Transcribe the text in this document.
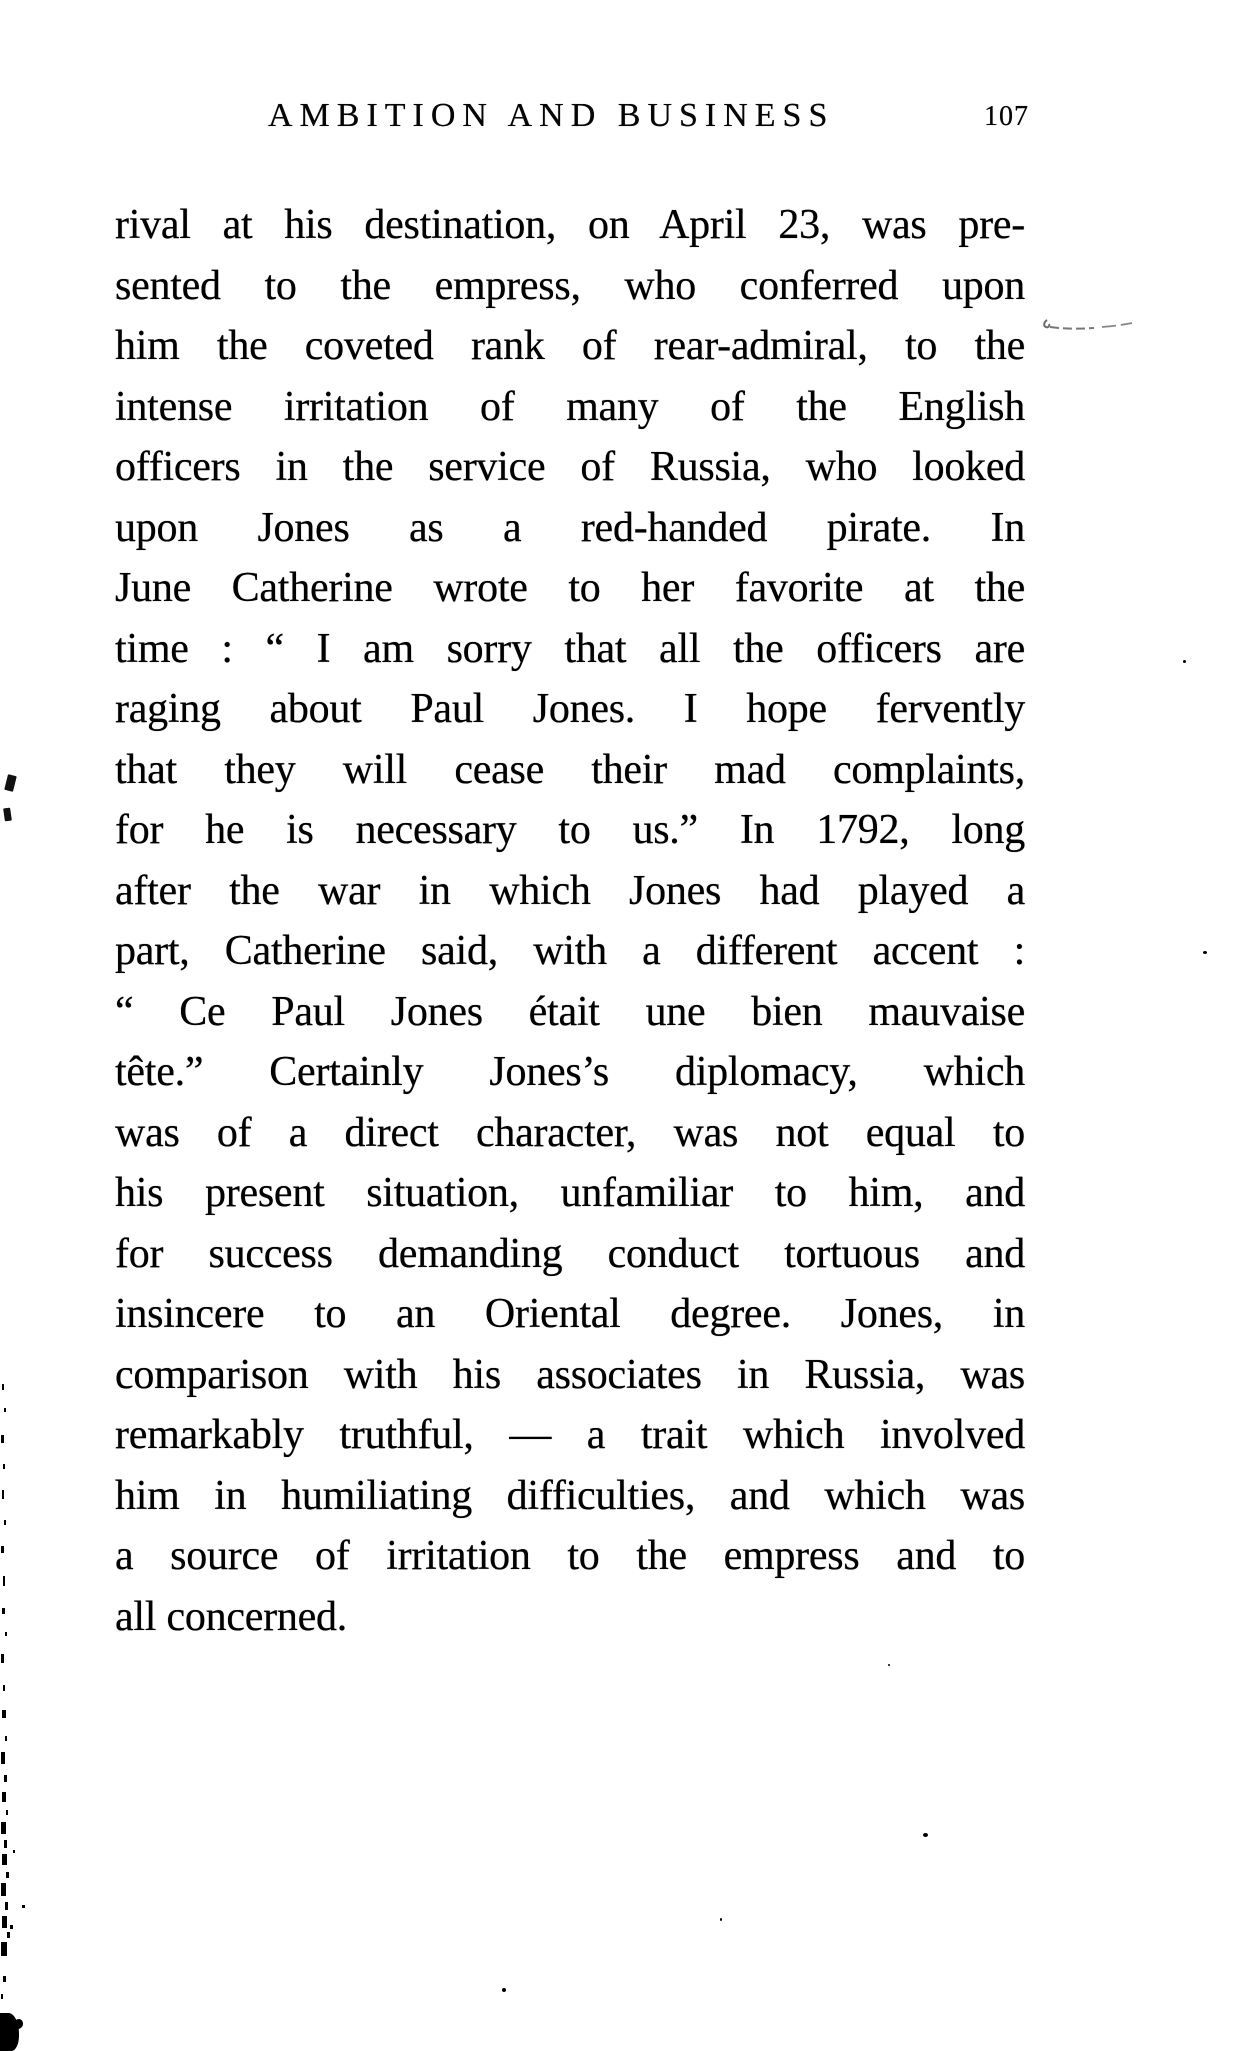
AMBITION AND BUSINESS	107
rival at his destination, on April 23, was pre-
sented to the empress, who conferred upon
him the coveted rank of rear-admiral, to the
intense irritation of many of the English
officers in the service of Russia, who looked
upon Jones as a red-handed pirate. In
June Catherine wrote to her favorite at the
time : “ I am sorry that all the officers are
raging about Paul Jones. I hope fervently
that they will cease their mad complaints,
for he is necessary to us.” In 1792, long
after the war in which Jones had played a
part, Catherine said, with a different accent :
“ Ce Paul Jones était une bien mauvaise
tête.” Certainly Jones’s diplomacy, which
was of a direct character, was not equal to
his present situation, unfamiliar to him, and
for success demanding conduct tortuous and
insincere to an Oriental degree. Jones, in
comparison with his associates in Russia, was
remarkably truthful, — a trait which involved
him in humiliating difficulties, and which was
a source of irritation to the empress and to
all concerned.
